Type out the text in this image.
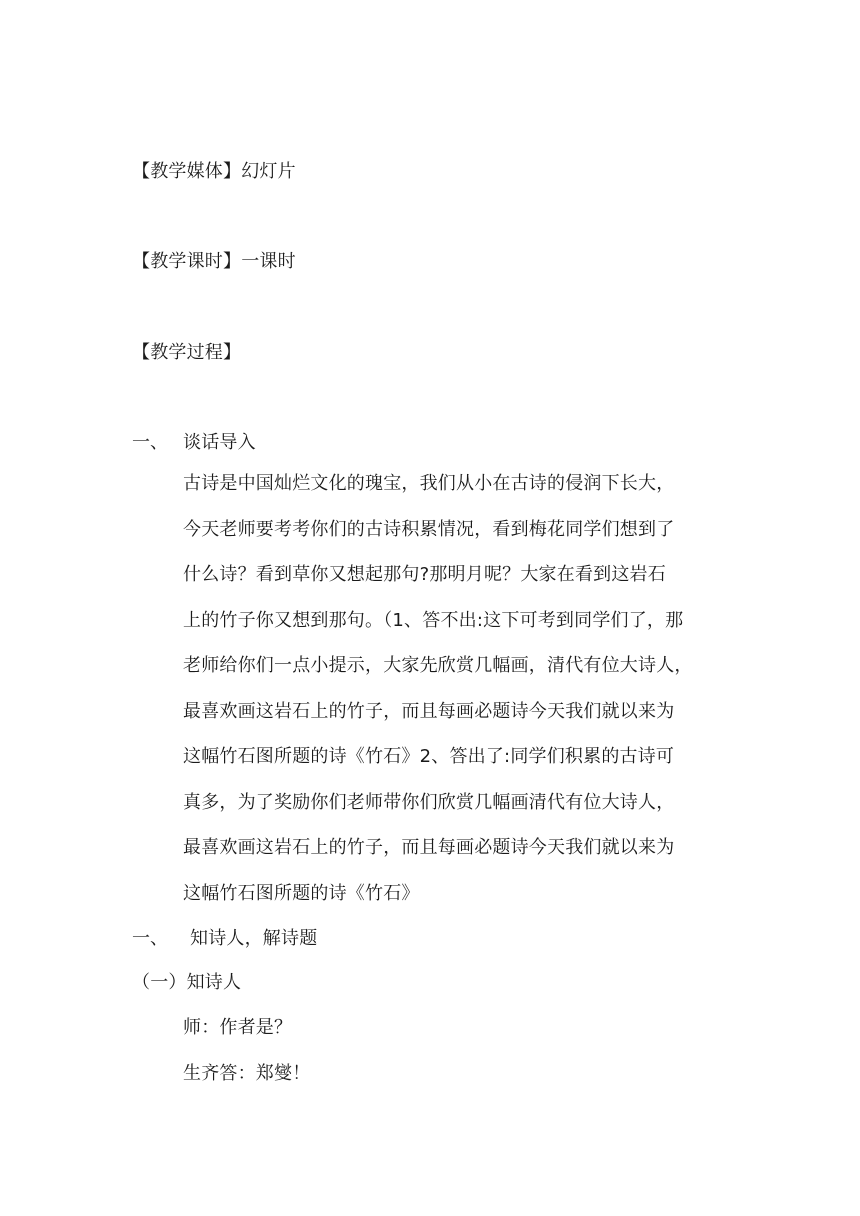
【教学媒体】幻灯片
【教学课时】一课时
【教学过程】
一、 谈话导入
古诗是中国灿烂文化的瑰宝，我们从小在古诗的侵润下长大，
今天老师要考考你们的古诗积累情况，看到梅花同学们想到了
什么诗？看到草你又想起那句?那明月呢？大家在看到这岩石
上的竹子你又想到那句。（1、答不出:这下可考到同学们了，那
老师给你们一点小提示，大家先欣赏几幅画，清代有位大诗人，
最喜欢画这岩石上的竹子，而且每画必题诗今天我们就以来为
这幅竹石图所题的诗《竹石》2、答出了:同学们积累的古诗可
真多，为了奖励你们老师带你们欣赏几幅画清代有位大诗人，
最喜欢画这岩石上的竹子，而且每画必题诗今天我们就以来为
这幅竹石图所题的诗《竹石》
一、 知诗人，解诗题
（一）知诗人
师：作者是？
生齐答：郑燮！
